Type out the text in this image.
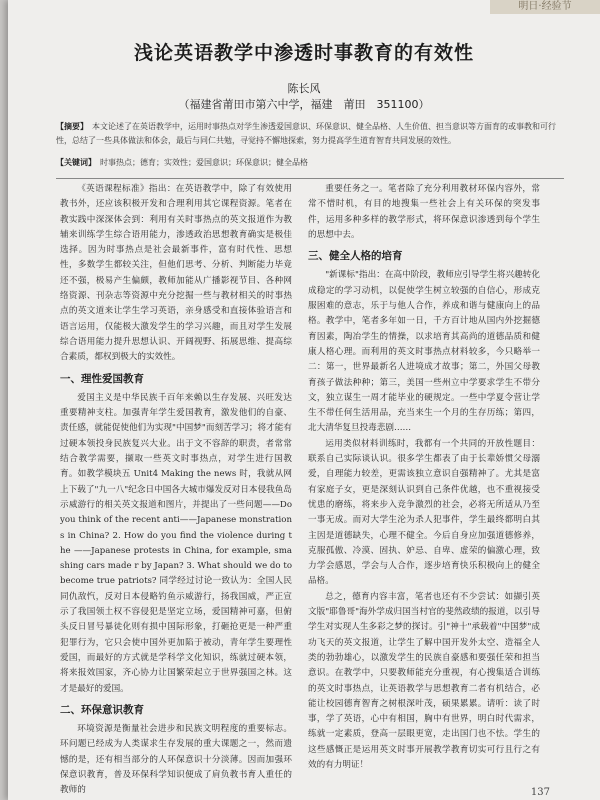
明日·经验节
浅论英语教学中渗透时事教育的有效性
陈长风
（福建省莆田市第六中学，福建　莆田　351100）
【摘要】 本文论述了在英语教学中，运用时事热点对学生渗透爱国意识、环保意识、健全品格、人生价值、担当意识等方面育的或事教和可行性，总结了一些具体做法和体会，最后与同仁共勉，寻觉持不懈地探索，努力提高学生道育智育共同发展的效性。
【关键词】 时事热点；德育；实效性；爱国意识；环保意识；健全品格

《英语课程标准》指出：在英语教学中，除了有效使用教书外，还应该积极开发和合理利用其它课程资源。笔者在教实践中深深体会到：利用有关时事热点的英文报道作为教辅来训练学生综合语用能力，渗透政治思想教育确实是极佳选择。因为时事热点是社会最新事件，富有时代性、思想性，多数学生都较关注，但他们思考、分析、判断能力毕竟还不强，极易产生偏颇，教师加能从广播影视节目、各种网络资源、刊杂志等资源中充分挖掘一些与教材相关的时事热点的英文道来让学生学习英语，亲身感受和直接体验语言和语言运用，仅能极大激发学生的学习兴趣，而且对学生发展综合语用能力提升思想认识、开阔视野、拓展思维、提高综合素质，都权到极大的实效性。

一、理性爱国教育

爱国主义是中华民族千百年来赖以生存发展、兴旺发达重要精神支柱。加强青年学生爱国教育，激发他们的自豪、责任感，就能促使他们为实现"中国梦"而刻苦学习；将才能有过硬本领投身民族复兴大业。出于文不容辞的职责，者常常结合教学需要，撷取一些英文时事热点，对学生进行国教育。如教学模块五 Unit4 Making the news 时，我就从网上下载了"九一八"纪念日中国各大城市爆发反对日本侵我鱼岛示威游行的相关英文报道和图片，并提出了一些问题——Do you think of the recent anti——Japanese monstrations in China? 2. How do you find the violence during the ——Japanese protests in China, for example, smashing cars made r by Japan? 3. What should we do to become true patriots? 同学经过讨论一致认为：全国人民同仇敌忾，反对日本侵略钓鱼示威游行，扬我国威，严正宣示了我国领土权不容侵犯是坚定立场，爱国精神可嘉，但俯头反日冒号暴徒化则有损中国际形象，打砸抢更是一种严重犯罪行为，它只会使中国外更加陷于被动，青年学生要理性爱国，而最好的方式就是学科学文化知识，练就过硬本领，将来报效国家，齐心协力让国繁荣起立于世界强国之林。这才是最好的爱国。

二、环保意识教育

环境资源是衡量社会进步和民族文明程度的重要标志。环问题已经成为人类谋求生存发展的重大课题之一，然而遗憾的是，还有相当部分的人环保意识十分淡薄。因而加强环保意识教育，普及环保科学知识便成了肩负教书育人重任的教师的

重要任务之一。笔者除了充分利用教材环保内容外，常常不惜时机，有目的地搜集一些社会上有关环保的突发事件，运用多种多样的教学形式，将环保意识渗透到每个学生的思想中去。

三、健全人格的培育

"新课标"指出：在高中阶段，教师应引导学生将兴趣转化成稳定的学习动机，以促使学生树立较强的自信心，形成克服困难的意志，乐于与他人合作，养成和谐与健康向上的品格。教学中，笔者多年如一日，千方百计地从国内外挖掘德育因素，陶冶学生的情操，以求培育其高尚的道德品质和健康人格心理。而利用的英文时事热点材料较多，今只略举一二：第一，世界最新名人进境成才故事；第二，外国父母教育孩子做法种种；第三，美国一些州立中学要求学生不带分文，独立谋生一周才能毕业的硬规定。一些中学夏令营让学生不带任何生活用品，充当来生一个月的生存历练；第四，北大清华复旦投毒悲剧……

运用类似材料训练时，我都有一个共同的开放性题目：联系自己实际谈认识。很多学生都表了由于长辈娇惯父母溺爱，自理能力较差，更需该独立意识自强精神了。尤其是富有家庭子女，更是深刻认识到自己条件优越，也不重视接受忧患的磨练，将来步入竞争激烈的社会，必将无所适从乃至一事无成。而对大学生沦为杀人犯事件，学生最终都明白其主因是道德缺失，心理不健全。今后自身应加强道德修养，克服孤傲、冷漠、固执、妒忌、自卑、虚荣的偏激心理，致力学会感恩，学会与人合作，逐步培育快乐积极向上的健全品格。

总之，德育内容丰富，笔者也还有不少尝试：如撷引英文版"耶鲁哥"海外学成归国当村官的斐然政绩的报道，以引导学生对实现人生多彩之梦的探讨。引"神十"承载着"中国梦"成功飞天的英文报道，让学生了解中国开发外太空、造福全人类的勃勃雄心，以激发学生的民族自豪感和要强任荣和担当意识。在教学中，只要教师能充分重视，有心搜集适合训练的英文时事热点，让英语教学与思想教育二者有机结合，必能让校园德育智育之树根深叶茂，硕果累累。请听：读了时事，学了英语，心中有相国，胸中有世界，明白时代需求，练就一定素质，登高一层眼更宽，走出国门也不怯。学生的这些感慨正是运用英文时事开展教学教育切实可行且行之有效的有力明证！

137
